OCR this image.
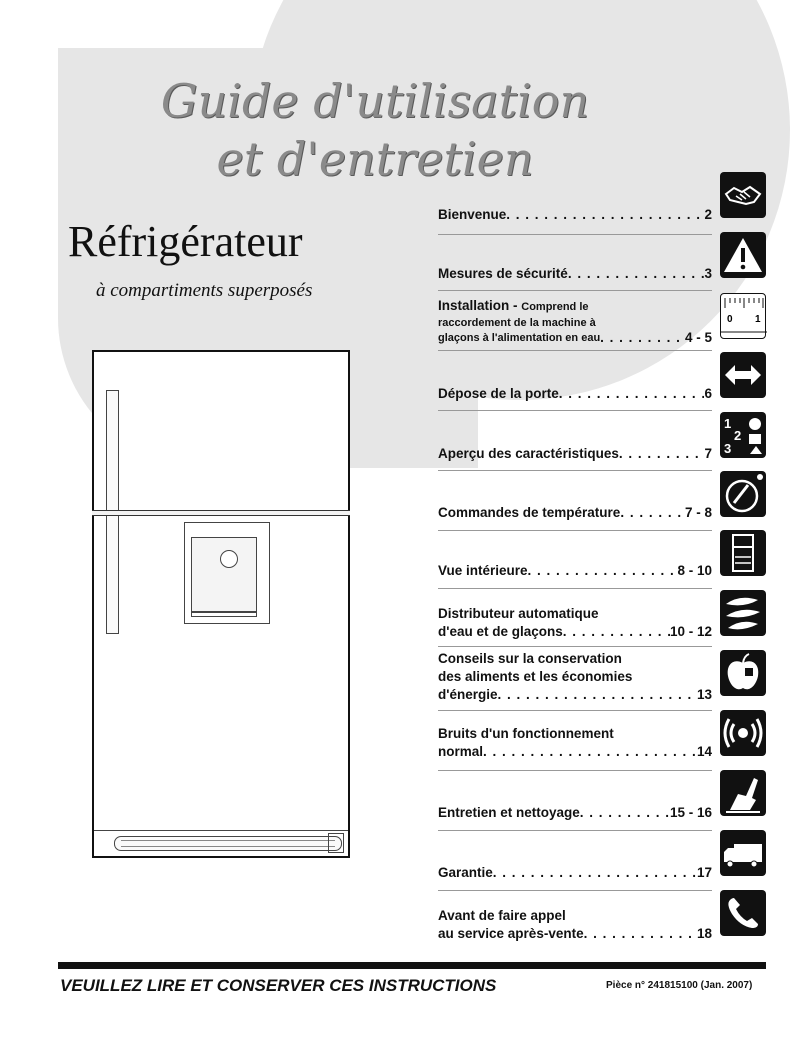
Guide d'utilisation
et d'entretien
Réfrigérateur
à compartiments superposés
Bienvenue . . .	2
Mesures de sécurité . . .	3
Installation - Comprend le
raccordement de la machine à
glaçons à l'alimentation en eau . . .	4 - 5
Dépose de la porte . . .	6
Aperçu des caractéristiques . . .	7
Commandes de température . . .	7 - 8
Vue intérieure . . .	8 - 10
Distributeur automatique
d'eau et de glaçons . . .	10 - 12
Conseils sur la conservation
des aliments et les économies
d'énergie . . .	13
Bruits d'un fonctionnement
normal . . .	14
Entretien et nettoyage . . .	15 - 16
Garantie . . .	17
Avant de faire appel
au service après-vente . . .	18
0 1
1
2
3
VEUILLEZ LIRE ET CONSERVER CES INSTRUCTIONS	Pièce n° 241815100 (Jan. 2007)
